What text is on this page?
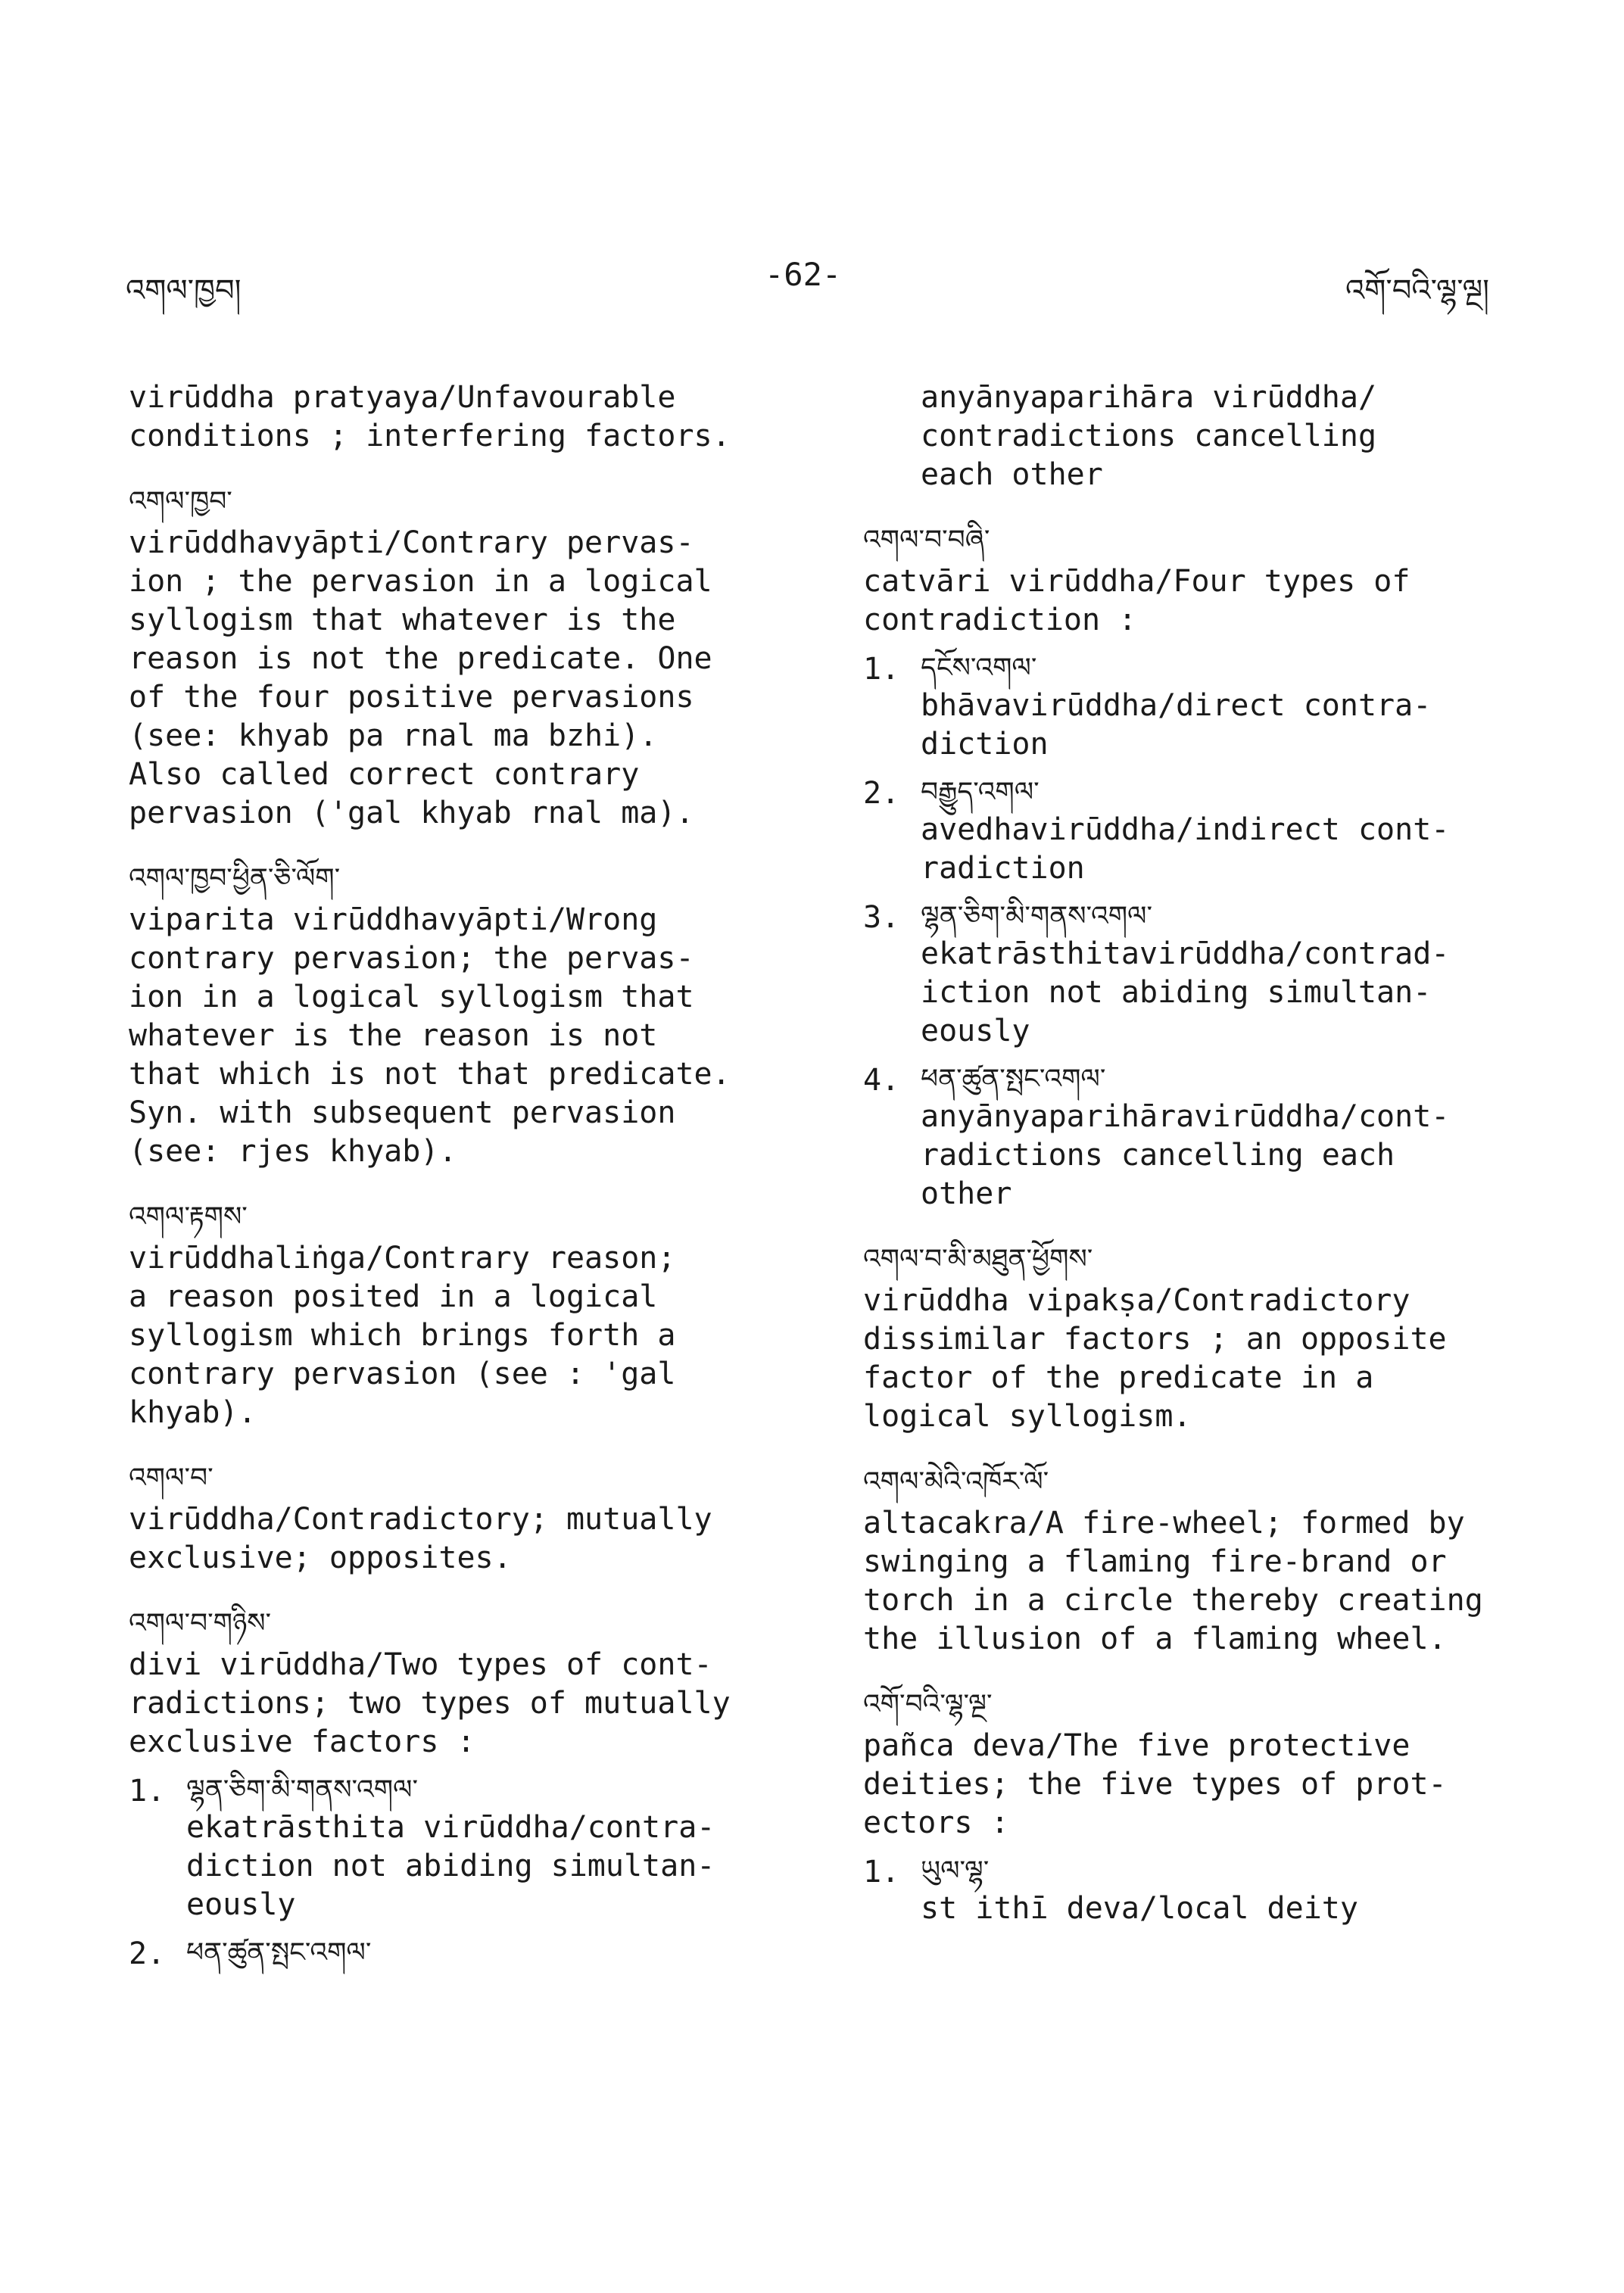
འགལ་ཁྱབ།	-62-	འགོ་བའི་ལྷ་ལྔ།
virūddha pratyaya/Unfavourable
conditions ; interfering factors.
འགལ་ཁྱབ་
virūddhavyāpti/Contrary pervas-
ion ; the pervasion in a logical
syllogism that whatever is the
reason is not the predicate. One
of the four positive pervasions
(see: khyab pa rnal ma bzhi).
Also called correct contrary
pervasion ('gal khyab rnal ma).
འགལ་ཁྱབ་ཕྱིན་ཅི་ལོག་
viparita virūddhavyāpti/Wrong
contrary pervasion; the pervas-
ion in a logical syllogism that
whatever is the reason is not
that which is not that predicate.
Syn. with subsequent pervasion
(see: rjes khyab).
འགལ་རྟགས་
virūddhaliṅga/Contrary reason;
a reason posited in a logical
syllogism which brings forth a
contrary pervasion (see : 'gal
khyab).
འགལ་བ་
virūddha/Contradictory; mutually
exclusive; opposites.
འགལ་བ་གཉིས་
divi virūddha/Two types of cont-
radictions; two types of mutually
exclusive factors :
1. ལྷན་ཅིག་མི་གནས་འགལ་
ekatrāsthita virūddha/contra-
diction not abiding simultan-
eously
2. ཕན་ཚུན་སྤང་འགལ་
anyānyaparihāra virūddha/
contradictions cancelling
each other
འགལ་བ་བཞི་
catvāri virūddha/Four types of
contradiction :
1. དངོས་འགལ་
bhāvavirūddha/direct contra-
diction
2. བརྒྱུད་འགལ་
avedhavirūddha/indirect cont-
radiction
3. ལྷན་ཅིག་མི་གནས་འགལ་
ekatrāsthitavirūddha/contrad-
iction not abiding simultan-
eously
4. ཕན་ཚུན་སྤང་འགལ་
anyānyaparihāravirūddha/cont-
radictions cancelling each
other
འགལ་བ་མི་མཐུན་ཕྱོགས་
virūddha vipakṣa/Contradictory
dissimilar factors ; an opposite
factor of the predicate in a
logical syllogism.
འགལ་མེའི་འཁོར་ལོ་
altacakra/A fire-wheel; formed by
swinging a flaming fire-brand or
torch in a circle thereby creating
the illusion of a flaming wheel.
འགོ་བའི་ལྷ་ལྔ་
pañca deva/The five protective
deities; the five types of prot-
ectors :
1. ཡུལ་ལྷ་
st ithī deva/local deity
